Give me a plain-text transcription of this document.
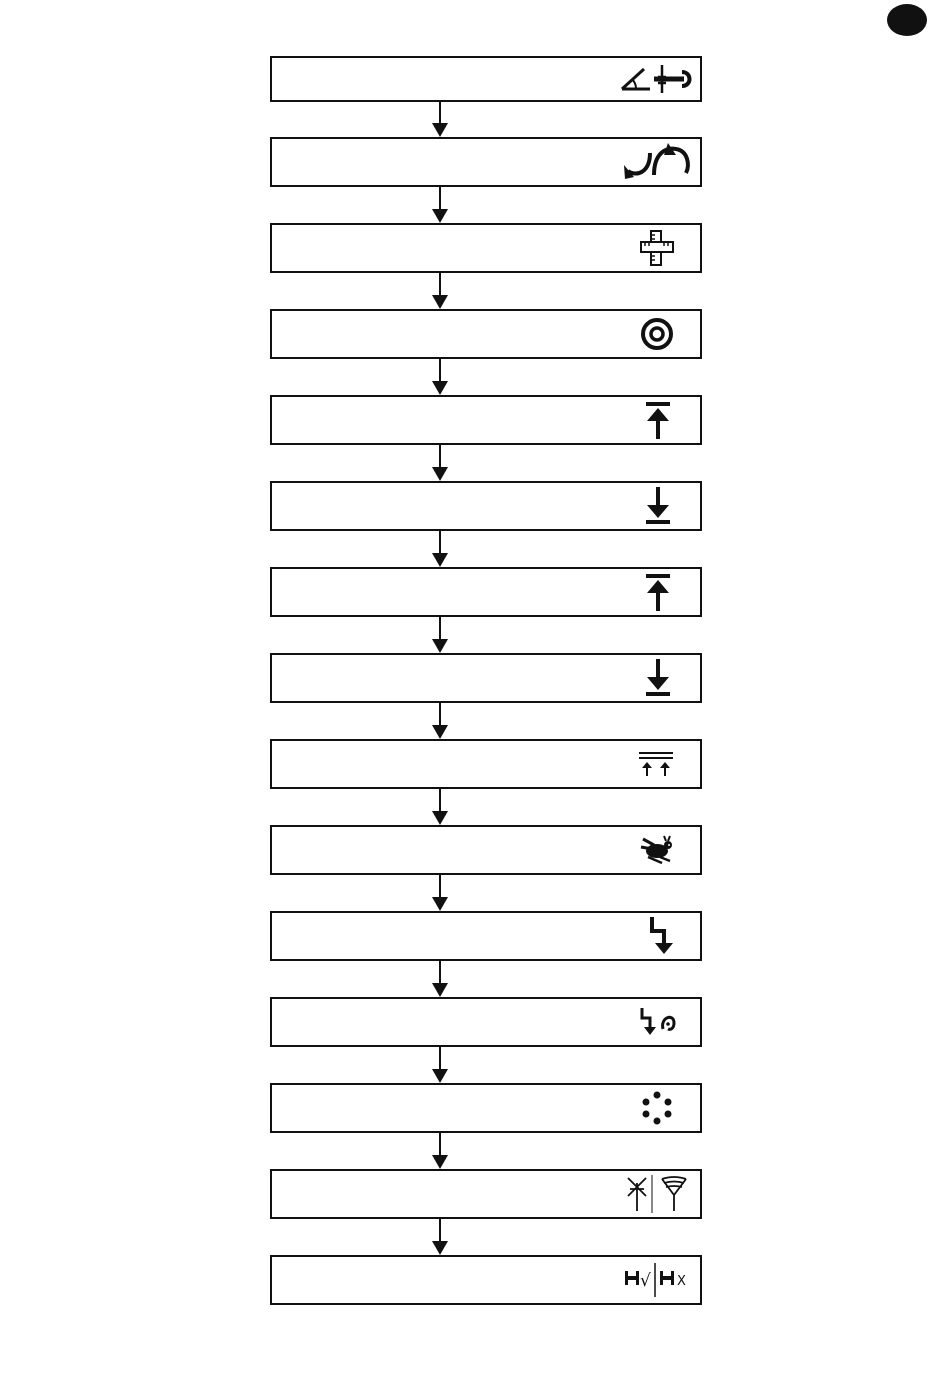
√ X
